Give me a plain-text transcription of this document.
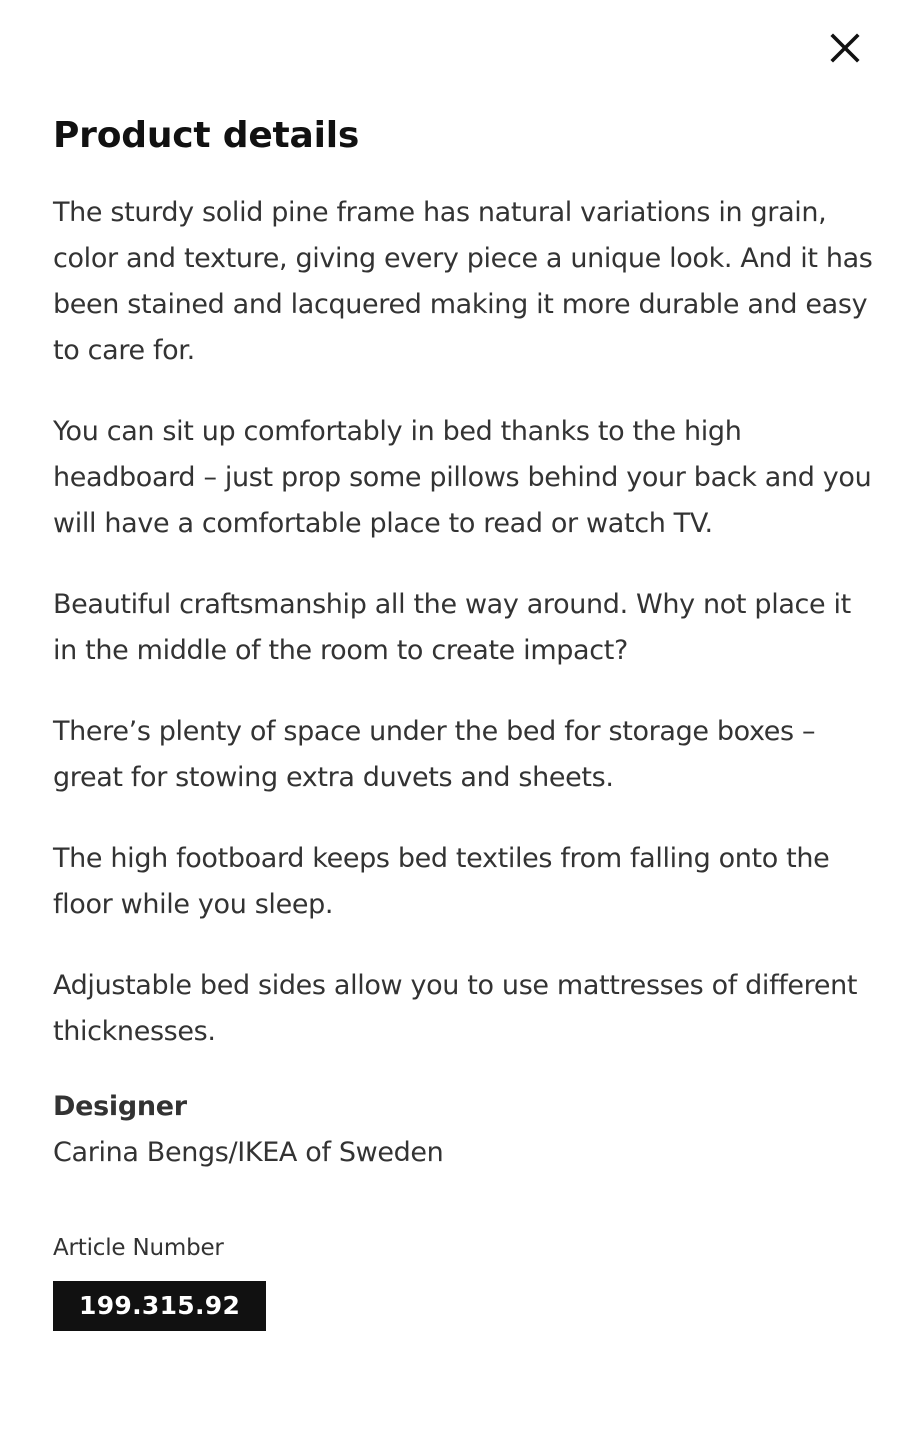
Product details

The sturdy solid pine frame has natural variations in grain, color and texture, giving every piece a unique look. And it has been stained and lacquered making it more durable and easy to care for.

You can sit up comfortably in bed thanks to the high headboard – just prop some pillows behind your back and you will have a comfortable place to read or watch TV.

Beautiful craftsmanship all the way around. Why not place it in the middle of the room to create impact?

There’s plenty of space under the bed for storage boxes – great for stowing extra duvets and sheets.

The high footboard keeps bed textiles from falling onto the floor while you sleep.

Adjustable bed sides allow you to use mattresses of different thicknesses.

Designer

Carina Bengs/IKEA of Sweden

Article Number

199.315.92
